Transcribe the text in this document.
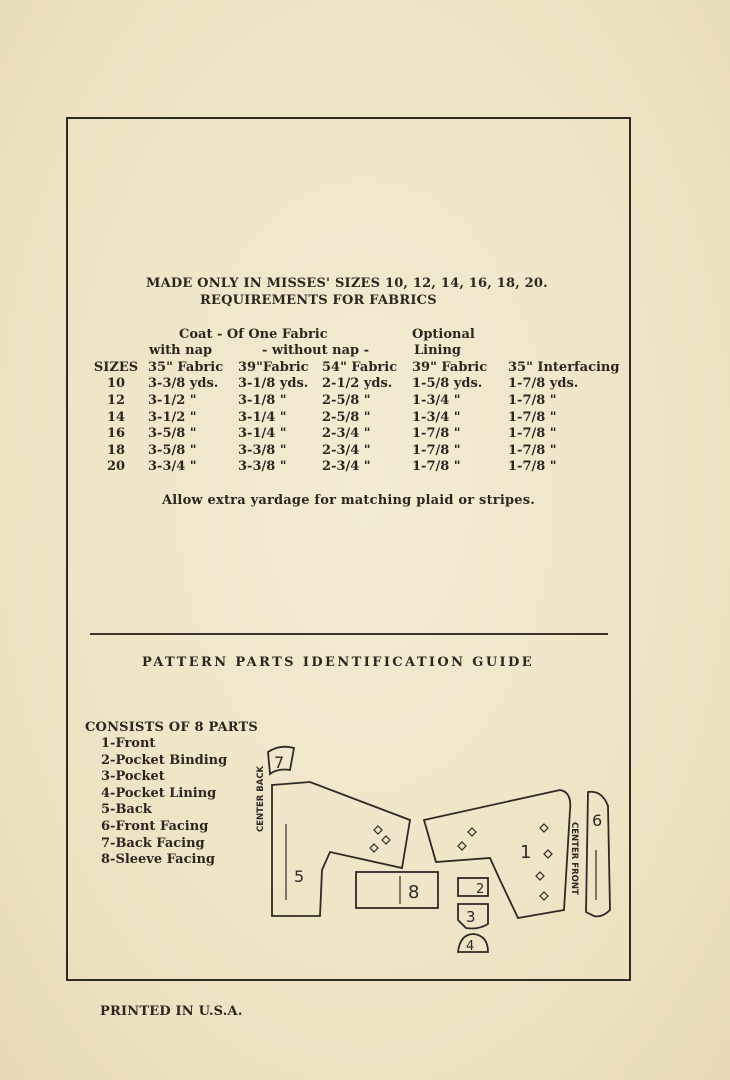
MADE ONLY IN MISSES' SIZES 10, 12, 14, 16, 18, 20.
REQUIREMENTS FOR FABRICS
Coat - Of One Fabric	Optional
with nap	- without nap -	Lining
SIZES	35" Fabric	39"Fabric	54" Fabric	39" Fabric	35" Interfacing
10	3-3/8 yds.	3-1/8 yds.	2-1/2 yds.	1-5/8 yds.	1-7/8 yds.
12	3-1/2 "	3-1/8 "	2-5/8 "	1-3/4 "	1-7/8 "
14	3-1/2 "	3-1/4 "	2-5/8 "	1-3/4 "	1-7/8 "
16	3-5/8 "	3-1/4 "	2-3/4 "	1-7/8 "	1-7/8 "
18	3-5/8 "	3-3/8 "	2-3/4 "	1-7/8 "	1-7/8 "
20	3-3/4 "	3-3/8 "	2-3/4 "	1-7/8 "	1-7/8 "
Allow extra yardage for matching plaid or stripes.
PATTERN PARTS IDENTIFICATION GUIDE
CONSISTS OF 8 PARTS
1-Front
2-Pocket Binding
3-Pocket
4-Pocket Lining
5-Back
6-Front Facing
7-Back Facing
8-Sleeve Facing
7
5
CENTER BACK
8
1	CENTER FRONT
2
3
4
6
PRINTED IN U.S.A.
